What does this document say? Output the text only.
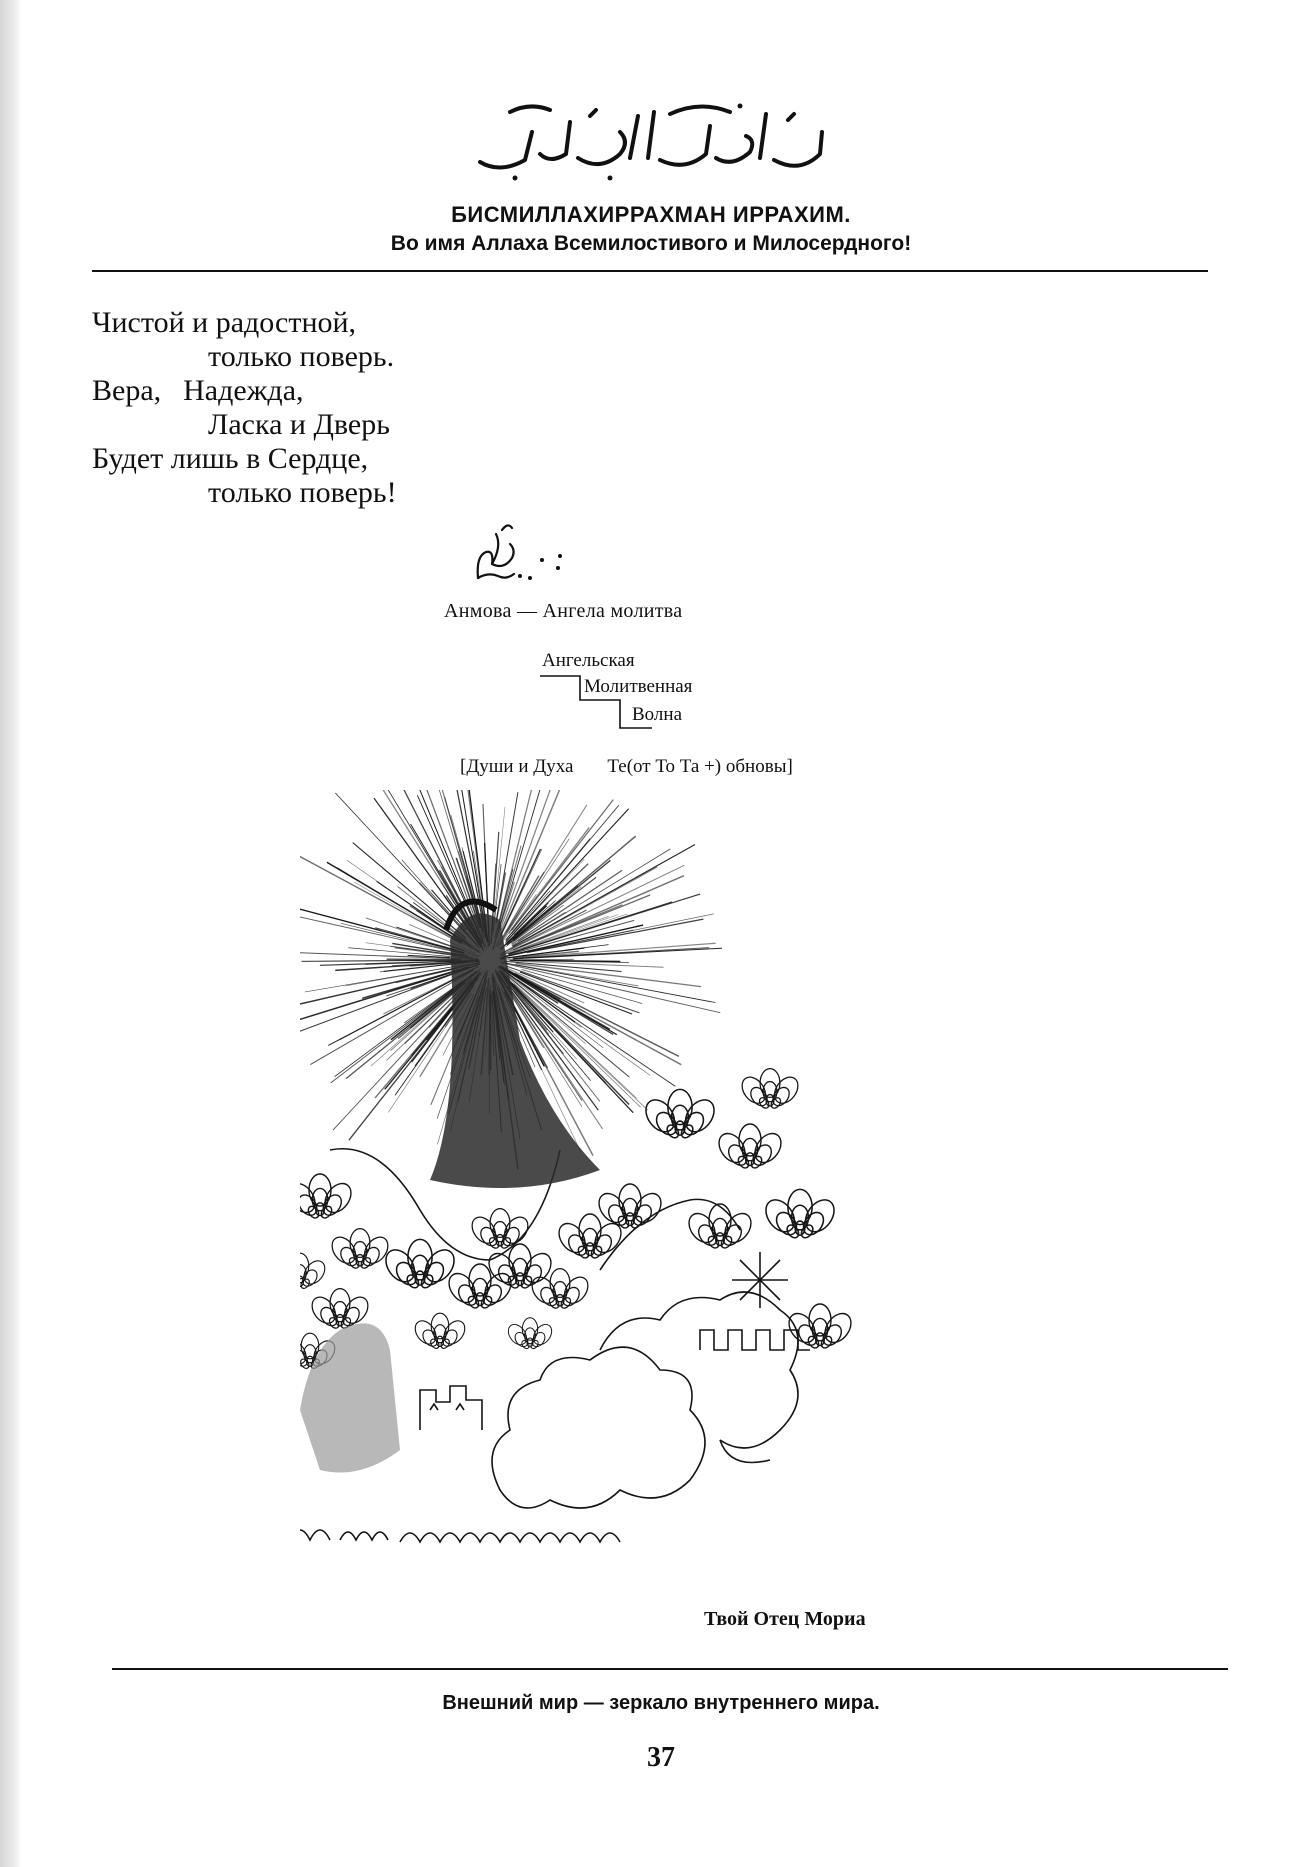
БИСМИЛЛАХИРРАХМАН ИРРАХИМ.
Во имя Аллаха Всемилостивого и Милосердного!
Чистой и радостной,
только поверь.
Вера, Надежда,
Ласка и Дверь
Будет лишь в Сердце,
только поверь!
Анмова — Ангела молитва
Ангельская
Молитвенная
Волна
[Души и Духа Те(от То Та +) обновы]
Твой Отец Мориа
Внешний мир — зеркало внутреннего мира.
37
